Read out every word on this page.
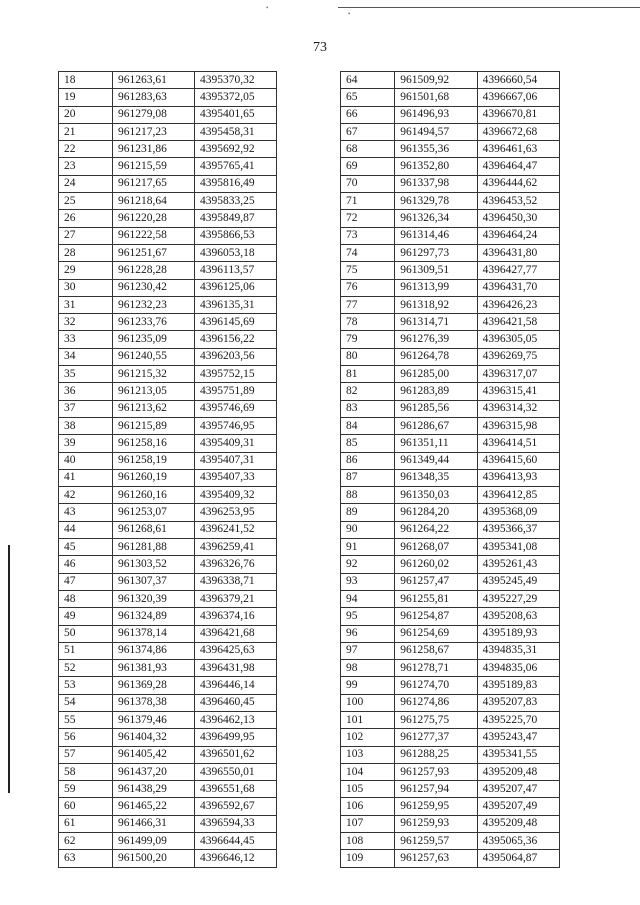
•
•
73
18	961263,61	4395370,32
19	961283,63	4395372,05
20	961279,08	4395401,65
21	961217,23	4395458,31
22	961231,86	4395692,92
23	961215,59	4395765,41
24	961217,65	4395816,49
25	961218,64	4395833,25
26	961220,28	4395849,87
27	961222,58	4395866,53
28	961251,67	4396053,18
29	961228,28	4396113,57
30	961230,42	4396125,06
31	961232,23	4396135,31
32	961233,76	4396145,69
33	961235,09	4396156,22
34	961240,55	4396203,56
35	961215,32	4395752,15
36	961213,05	4395751,89
37	961213,62	4395746,69
38	961215,89	4395746,95
39	961258,16	4395409,31
40	961258,19	4395407,31
41	961260,19	4395407,33
42	961260,16	4395409,32
43	961253,07	4396253,95
44	961268,61	4396241,52
45	961281,88	4396259,41
46	961303,52	4396326,76
47	961307,37	4396338,71
48	961320,39	4396379,21
49	961324,89	4396374,16
50	961378,14	4396421,68
51	961374,86	4396425,63
52	961381,93	4396431,98
53	961369,28	4396446,14
54	961378,38	4396460,45
55	961379,46	4396462,13
56	961404,32	4396499,95
57	961405,42	4396501,62
58	961437,20	4396550,01
59	961438,29	4396551,68
60	961465,22	4396592,67
61	961466,31	4396594,33
62	961499,09	4396644,45
63	961500,20	4396646,12
64	961509,92	4396660,54
65	961501,68	4396667,06
66	961496,93	4396670,81
67	961494,57	4396672,68
68	961355,36	4396461,63
69	961352,80	4396464,47
70	961337,98	4396444,62
71	961329,78	4396453,52
72	961326,34	4396450,30
73	961314,46	4396464,24
74	961297,73	4396431,80
75	961309,51	4396427,77
76	961313,99	4396431,70
77	961318,92	4396426,23
78	961314,71	4396421,58
79	961276,39	4396305,05
80	961264,78	4396269,75
81	961285,00	4396317,07
82	961283,89	4396315,41
83	961285,56	4396314,32
84	961286,67	4396315,98
85	961351,11	4396414,51
86	961349,44	4396415,60
87	961348,35	4396413,93
88	961350,03	4396412,85
89	961284,20	4395368,09
90	961264,22	4395366,37
91	961268,07	4395341,08
92	961260,02	4395261,43
93	961257,47	4395245,49
94	961255,81	4395227,29
95	961254,87	4395208,63
96	961254,69	4395189,93
97	961258,67	4394835,31
98	961278,71	4394835,06
99	961274,70	4395189,83
100	961274,86	4395207,83
101	961275,75	4395225,70
102	961277,37	4395243,47
103	961288,25	4395341,55
104	961257,93	4395209,48
105	961257,94	4395207,47
106	961259,95	4395207,49
107	961259,93	4395209,48
108	961259,57	4395065,36
109	961257,63	4395064,87
